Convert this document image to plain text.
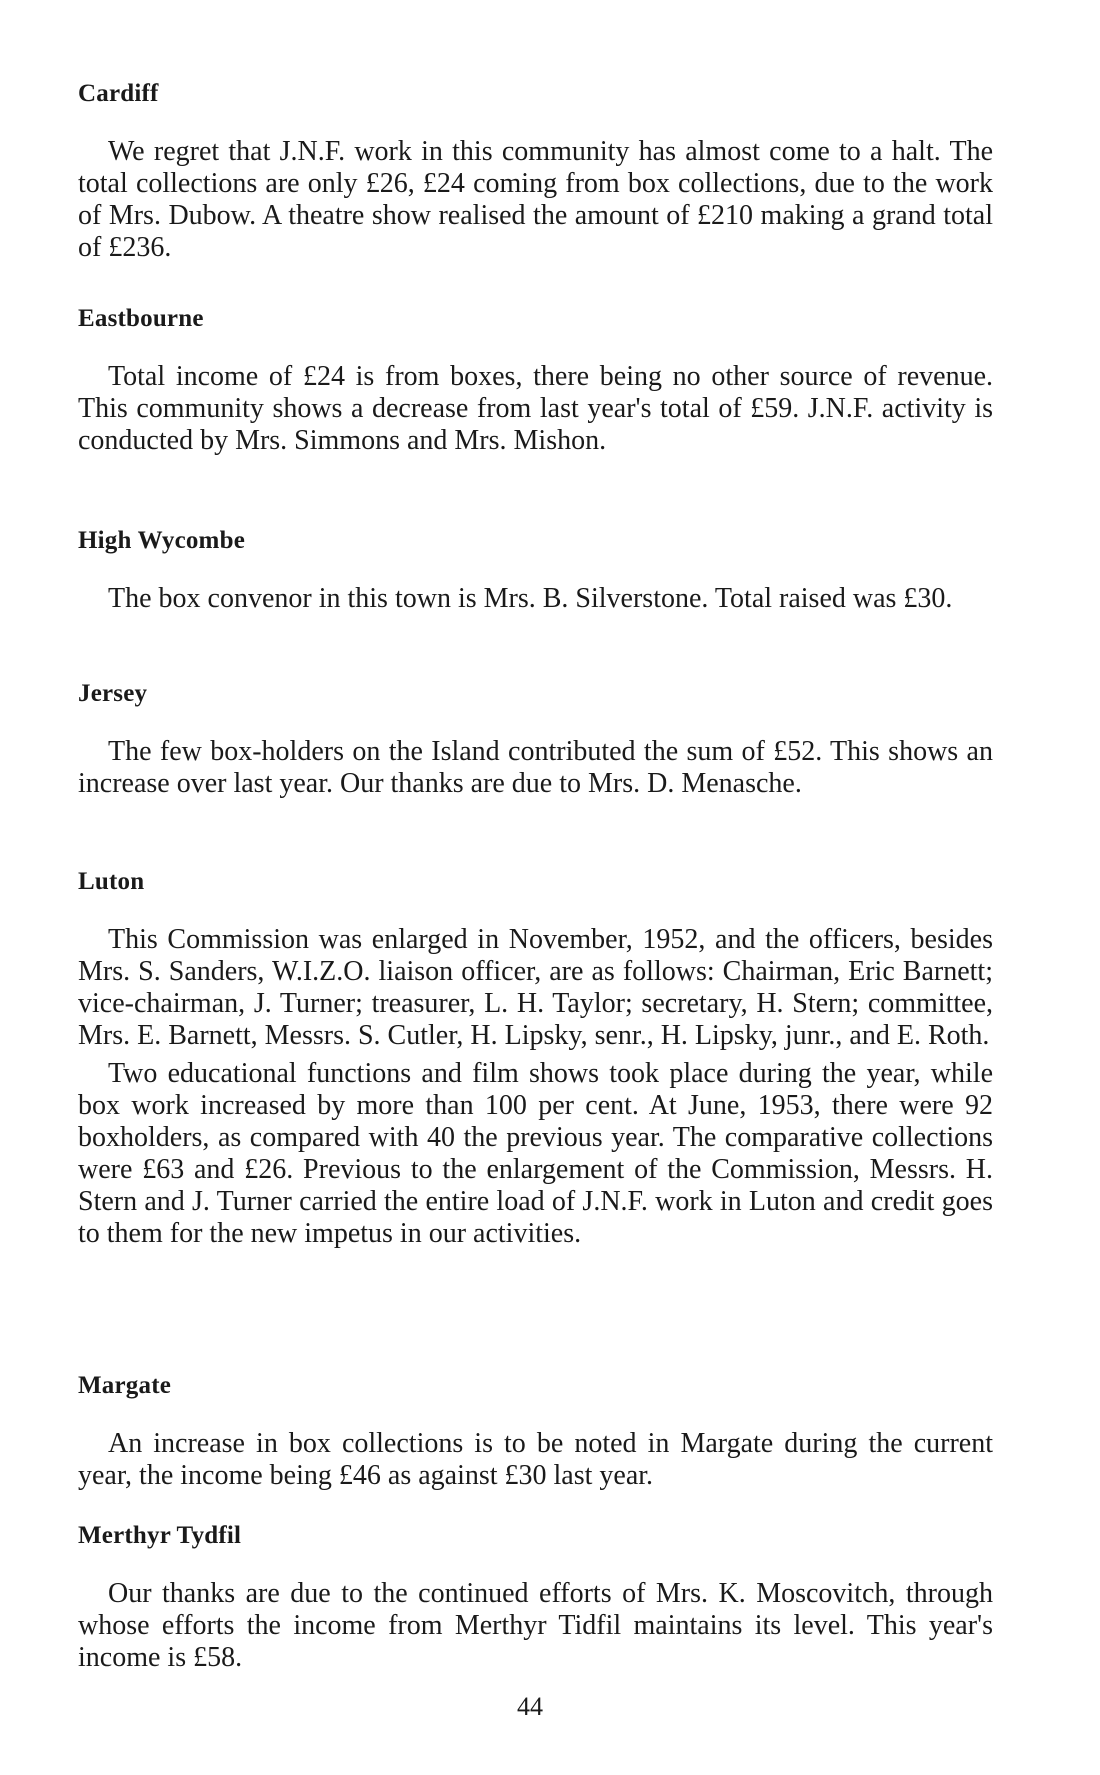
Cardiff

We regret that J.N.F. work in this community has almost come to a halt. The total collections are only £26, £24 coming from box collections, due to the work of Mrs. Dubow. A theatre show realised the amount of £210 making a grand total of £236.

Eastbourne

Total income of £24 is from boxes, there being no other source of revenue. This community shows a decrease from last year's total of £59. J.N.F. activity is conducted by Mrs. Simmons and Mrs. Mishon.

High Wycombe

The box convenor in this town is Mrs. B. Silverstone. Total raised was £30.

Jersey

The few box-holders on the Island contributed the sum of £52. This shows an increase over last year. Our thanks are due to Mrs. D. Menasche.

Luton

This Commission was enlarged in November, 1952, and the officers, besides Mrs. S. Sanders, W.I.Z.O. liaison officer, are as follows: Chairman, Eric Barnett; vice-chairman, J. Turner; treasurer, L. H. Taylor; secretary, H. Stern; committee, Mrs. E. Barnett, Messrs. S. Cutler, H. Lipsky, senr., H. Lipsky, junr., and E. Roth.

Two educational functions and film shows took place during the year, while box work increased by more than 100 per cent. At June, 1953, there were 92 boxholders, as compared with 40 the previous year. The comparative collections were £63 and £26. Previous to the enlargement of the Commission, Messrs. H. Stern and J. Turner carried the entire load of J.N.F. work in Luton and credit goes to them for the new impetus in our activities.

Margate

An increase in box collections is to be noted in Margate during the current year, the income being £46 as against £30 last year.

Merthyr Tydfil

Our thanks are due to the continued efforts of Mrs. K. Moscovitch, through whose efforts the income from Merthyr Tidfil maintains its level. This year's income is £58.

44
